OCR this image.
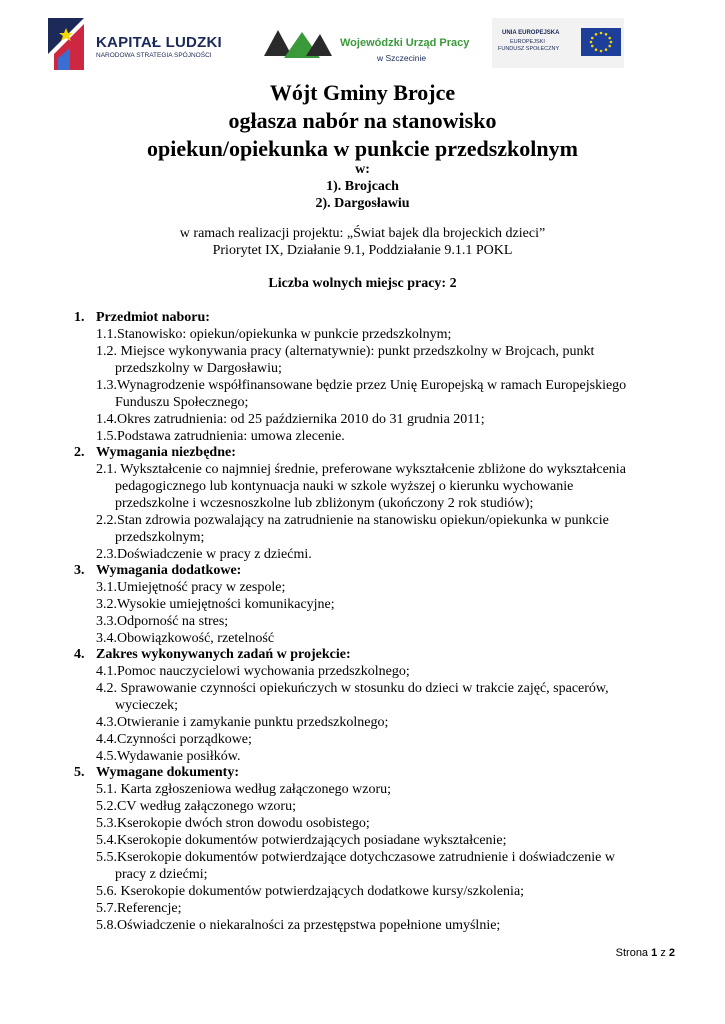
KAPITAŁ LUDZKI
NARODOWA STRATEGIA SPÓJNOŚCI
Wojewódzki Urząd Pracy
w Szczecinie
UNIA EUROPEJSKA
EUROPEJSKI
FUNDUSZ SPOŁECZNY
Wójt Gminy Brojce
ogłasza nabór na stanowisko
opiekun/opiekunka w punkcie przedszkolnym
w:
1). Brojcach
2). Dargosławiu
w ramach realizacji projektu: „Świat bajek dla brojeckich dzieci”
Priorytet IX, Działanie 9.1, Poddziałanie 9.1.1 POKL
Liczba wolnych miejsc pracy: 2
1. Przedmiot naboru:
1.1.Stanowisko: opiekun/opiekunka w punkcie przedszkolnym;
1.2. Miejsce wykonywania pracy (alternatywnie): punkt przedszkolny w Brojcach, punkt
przedszkolny w Dargosławiu;
1.3.Wynagrodzenie współfinansowane będzie przez Unię Europejską w ramach Europejskiego
Funduszu Społecznego;
1.4.Okres zatrudnienia: od 25 października 2010 do 31 grudnia 2011;
1.5.Podstawa zatrudnienia: umowa zlecenie.
2. Wymagania niezbędne:
2.1. Wykształcenie co najmniej średnie, preferowane wykształcenie zbliżone do wykształcenia
pedagogicznego lub kontynuacja nauki w szkole wyższej o kierunku wychowanie
przedszkolne i wczesnoszkolne lub zbliżonym (ukończony 2 rok studiów);
2.2.Stan zdrowia pozwalający na zatrudnienie na stanowisku opiekun/opiekunka w punkcie
przedszkolnym;
2.3.Doświadczenie w pracy z dziećmi.
3. Wymagania dodatkowe:
3.1.Umiejętność pracy w zespole;
3.2.Wysokie umiejętności komunikacyjne;
3.3.Odporność na stres;
3.4.Obowiązkowość, rzetelność
4. Zakres wykonywanych zadań w projekcie:
4.1.Pomoc nauczycielowi wychowania przedszkolnego;
4.2. Sprawowanie czynności opiekuńczych w stosunku do dzieci w trakcie zajęć, spacerów,
wycieczek;
4.3.Otwieranie i zamykanie punktu przedszkolnego;
4.4.Czynności porządkowe;
4.5.Wydawanie posiłków.
5. Wymagane dokumenty:
5.1. Karta zgłoszeniowa według załączonego wzoru;
5.2.CV według załączonego wzoru;
5.3.Kserokopie dwóch stron dowodu osobistego;
5.4.Kserokopie dokumentów potwierdzających posiadane wykształcenie;
5.5.Kserokopie dokumentów potwierdzające dotychczasowe zatrudnienie i doświadczenie w
pracy z dziećmi;
5.6. Kserokopie dokumentów potwierdzających dodatkowe kursy/szkolenia;
5.7.Referencje;
5.8.Oświadczenie o niekaralności za przestępstwa popełnione umyślnie;
Strona 1 z 2
